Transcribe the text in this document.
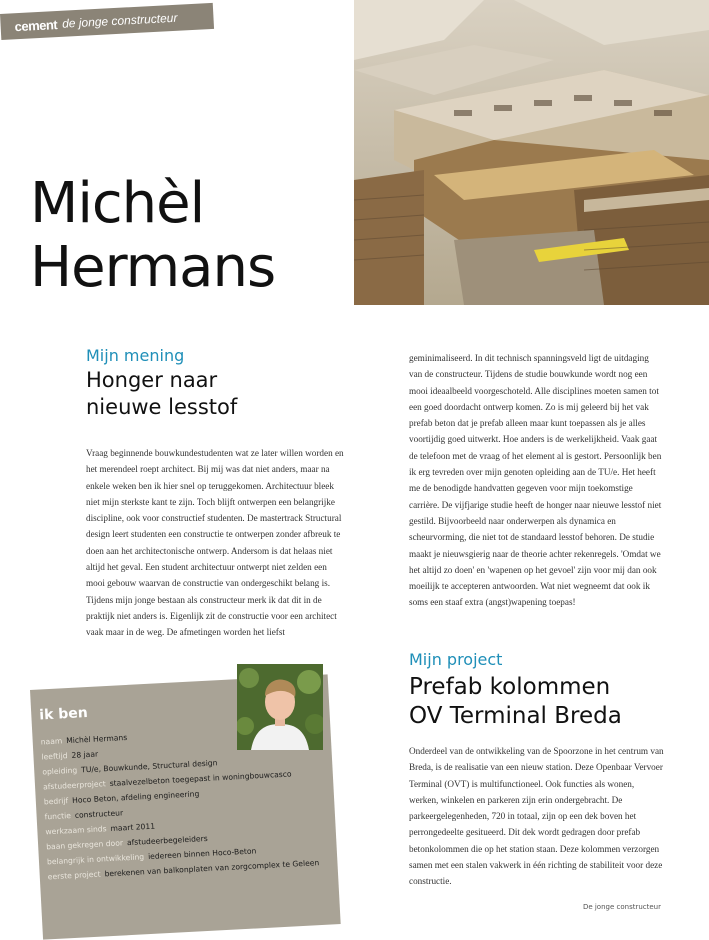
cement de jonge constructeur
Michèl
Hermans

Mijn mening

Honger naar
nieuwe lesstof

Vraag beginnende bouwkundestudenten wat ze later willen worden en het merendeel roept architect. Bij mij was dat niet anders, maar na enkele weken ben ik hier snel op teruggekomen. Architectuur bleek niet mijn sterkste kant te zijn. Toch blijft ontwerpen een belangrijke discipline, ook voor constructief studenten. De mastertrack Structural design leert studenten een constructie te ontwerpen zonder afbreuk te doen aan het architectonische ontwerp. Andersom is dat helaas niet altijd het geval. Een student architectuur ontwerpt niet zelden een mooi gebouw waarvan de constructie van ondergeschikt belang is. Tijdens mijn jonge bestaan als constructeur merk ik dat dit in de praktijk niet anders is. Eigenlijk zit de constructie voor een architect vaak maar in de weg. De afmetingen worden het liefst

geminimaliseerd. In dit technisch spanningsveld ligt de uitdaging van de constructeur. Tijdens de studie bouwkunde wordt nog een mooi ideaalbeeld voorgeschoteld. Alle disciplines moeten samen tot een goed doordacht ontwerp komen. Zo is mij geleerd bij het vak prefab beton dat je prefab alleen maar kunt toepassen als je alles voortijdig goed uitwerkt. Hoe anders is de werkelijkheid. Vaak gaat de telefoon met de vraag of het element al is gestort. Persoonlijk ben ik erg tevreden over mijn genoten opleiding aan de TU/e. Het heeft me de benodigde handvatten gegeven voor mijn toekomstige carrière. De vijfjarige studie heeft de honger naar nieuwe lesstof niet gestild. Bijvoorbeeld naar onderwerpen als dynamica en scheurvorming, die niet tot de standaard lesstof behoren. De studie maakt je nieuwsgierig naar de theorie achter rekenregels. 'Omdat we het altijd zo doen' en 'wapenen op het gevoel' zijn voor mij dan ook moeilijk te accepteren antwoorden. Wat niet wegneemt dat ook ik soms een staaf extra (angst)wapening toepas!

Mijn project

Prefab kolommen
OV Terminal Breda

Onderdeel van de ontwikkeling van de Spoorzone in het centrum van Breda, is de realisatie van een nieuw station. Deze Openbaar Vervoer Terminal (OVT) is multifunctioneel. Ook functies als wonen, werken, winkelen en parkeren zijn erin ondergebracht. De parkeergelegenheden, 720 in totaal, zijn op een dek boven het perrongedeelte gesitueerd. Dit dek wordt gedragen door prefab betonkolommen die op het station staan. Deze kolommen verzorgen samen met een stalen vakwerk in één richting de stabiliteit voor deze constructie.

ik ben
naam Michèl Hermans
leeftijd 28 jaar
opleiding TU/e, Bouwkunde, Structural design
afstudeerproject staalvezelbeton toegepast in woningbouwcasco
bedrijf Hoco Beton, afdeling engineering
functie constructeur
werkzaam sinds maart 2011
baan gekregen door afstudeerbegeleiders
belangrijk in ontwikkeling iedereen binnen Hoco-Beton
eerste project berekenen van balkonplaten van zorgcomplex te Geleen
De jonge constructeur
